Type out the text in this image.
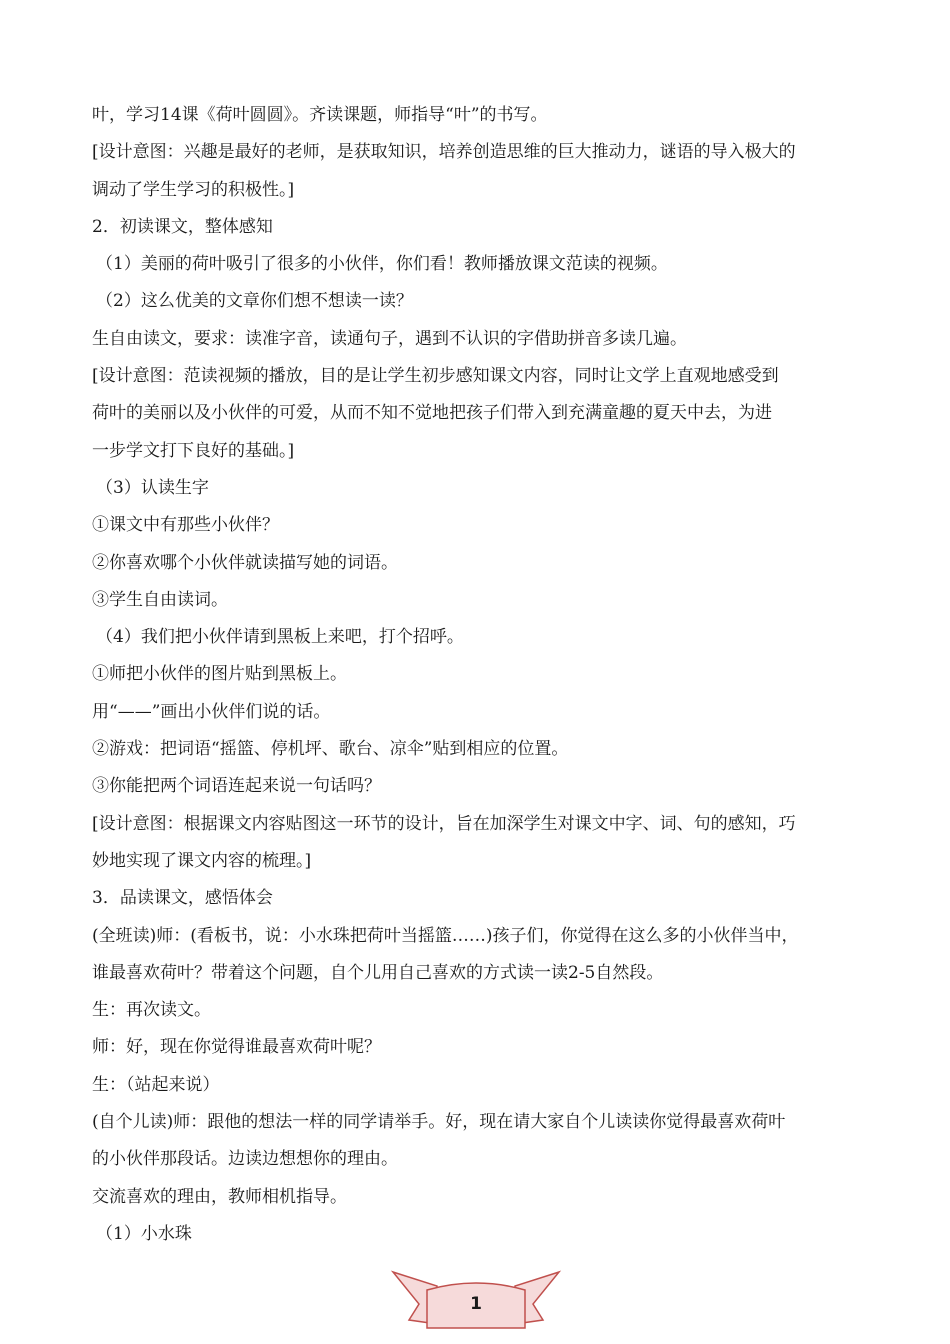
叶，学习14课《荷叶圆圆》。齐读课题，师指导“叶”的书写。
[设计意图：兴趣是最好的老师，是获取知识，培养创造思维的巨大推动力，谜语的导入极大的
调动了学生学习的积极性。]
2．初读课文，整体感知
（1）美丽的荷叶吸引了很多的小伙伴，你们看！教师播放课文范读的视频。
（2）这么优美的文章你们想不想读一读？
生自由读文，要求：读准字音，读通句子，遇到不认识的字借助拼音多读几遍。
[设计意图：范读视频的播放，目的是让学生初步感知课文内容，同时让文学上直观地感受到
荷叶的美丽以及小伙伴的可爱，从而不知不觉地把孩子们带入到充满童趣的夏天中去，为进
一步学文打下良好的基础。]
（3）认读生字
①课文中有那些小伙伴？
②你喜欢哪个小伙伴就读描写她的词语。
③学生自由读词。
（4）我们把小伙伴请到黑板上来吧，打个招呼。
①师把小伙伴的图片贴到黑板上。
用“——”画出小伙伴们说的话。
②游戏：把词语“摇篮、停机坪、歌台、凉伞”贴到相应的位置。
③你能把两个词语连起来说一句话吗？
[设计意图：根据课文内容贴图这一环节的设计，旨在加深学生对课文中字、词、句的感知，巧
妙地实现了课文内容的梳理。]
3．品读课文，感悟体会
(全班读)师：(看板书，说：小水珠把荷叶当摇篮……)孩子们，你觉得在这么多的小伙伴当中，
谁最喜欢荷叶？带着这个问题，自个儿用自己喜欢的方式读一读2-5自然段。
生：再次读文。
师：好，现在你觉得谁最喜欢荷叶呢？
生：（站起来说）
(自个儿读)师：跟他的想法一样的同学请举手。好，现在请大家自个儿读读你觉得最喜欢荷叶
的小伙伴那段话。边读边想想你的理由。
交流喜欢的理由，教师相机指导。
（1）小水珠
1
